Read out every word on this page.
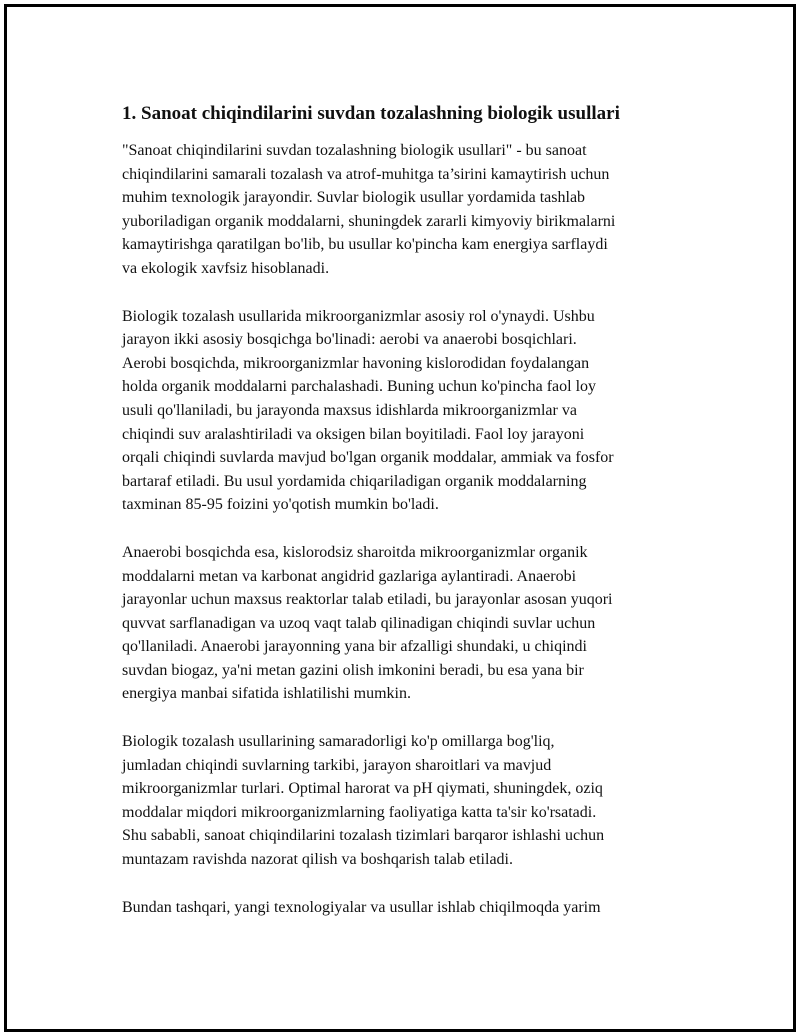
1. Sanoat chiqindilarini suvdan tozalashning biologik usullari

"Sanoat chiqindilarini suvdan tozalashning biologik usullari" - bu sanoat
chiqindilarini samarali tozalash va atrof-muhitga ta’sirini kamaytirish uchun
muhim texnologik jarayondir. Suvlar biologik usullar yordamida tashlab
yuboriladigan organik moddalarni, shuningdek zararli kimyoviy birikmalarni
kamaytirishga qaratilgan bo'lib, bu usullar ko'pincha kam energiya sarflaydi
va ekologik xavfsiz hisoblanadi.

Biologik tozalash usullarida mikroorganizmlar asosiy rol o'ynaydi. Ushbu
jarayon ikki asosiy bosqichga bo'linadi: aerobi va anaerobi bosqichlari.
Aerobi bosqichda, mikroorganizmlar havoning kislorodidan foydalangan
holda organik moddalarni parchalashadi. Buning uchun ko'pincha faol loy
usuli qo'llaniladi, bu jarayonda maxsus idishlarda mikroorganizmlar va
chiqindi suv aralashtiriladi va oksigen bilan boyitiladi. Faol loy jarayoni
orqali chiqindi suvlarda mavjud bo'lgan organik moddalar, ammiak va fosfor
bartaraf etiladi. Bu usul yordamida chiqariladigan organik moddalarning
taxminan 85-95 foizini yo'qotish mumkin bo'ladi.

Anaerobi bosqichda esa, kislorodsiz sharoitda mikroorganizmlar organik
moddalarni metan va karbonat angidrid gazlariga aylantiradi. Anaerobi
jarayonlar uchun maxsus reaktorlar talab etiladi, bu jarayonlar asosan yuqori
quvvat sarflanadigan va uzoq vaqt talab qilinadigan chiqindi suvlar uchun
qo'llaniladi. Anaerobi jarayonning yana bir afzalligi shundaki, u chiqindi
suvdan biogaz, ya'ni metan gazini olish imkonini beradi, bu esa yana bir
energiya manbai sifatida ishlatilishi mumkin.

Biologik tozalash usullarining samaradorligi ko'p omillarga bog'liq,
jumladan chiqindi suvlarning tarkibi, jarayon sharoitlari va mavjud
mikroorganizmlar turlari. Optimal harorat va pH qiymati, shuningdek, oziq
moddalar miqdori mikroorganizmlarning faoliyatiga katta ta'sir ko'rsatadi.
Shu sababli, sanoat chiqindilarini tozalash tizimlari barqaror ishlashi uchun
muntazam ravishda nazorat qilish va boshqarish talab etiladi.

Bundan tashqari, yangi texnologiyalar va usullar ishlab chiqilmoqda yarim
